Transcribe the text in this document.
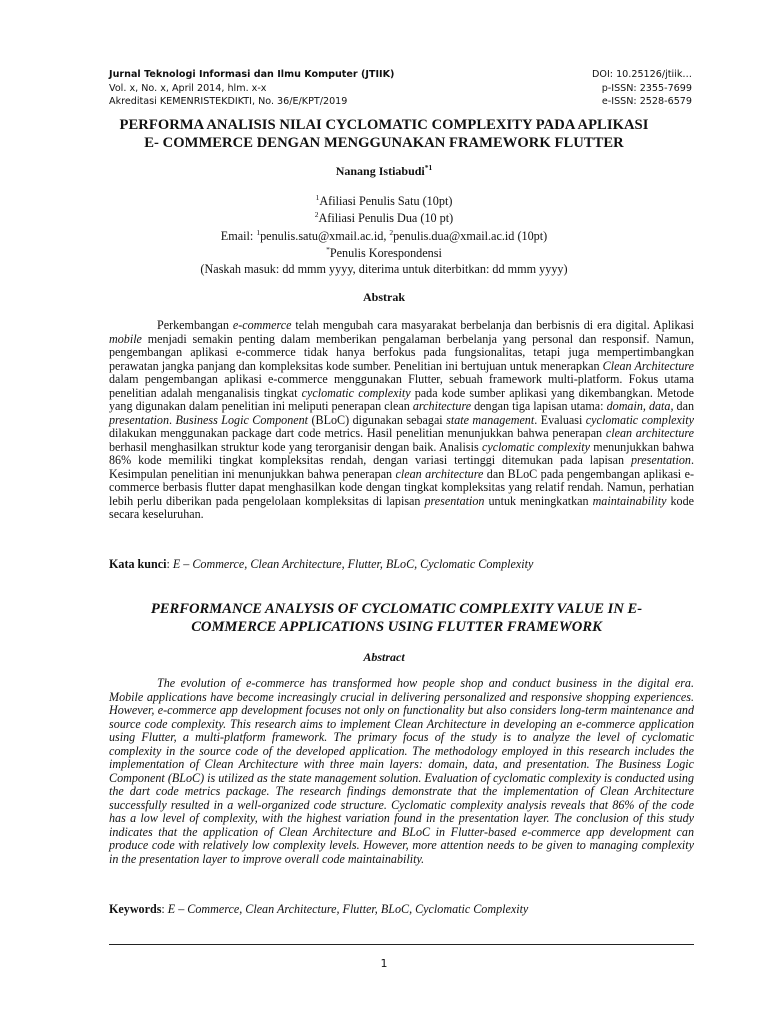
Jurnal Teknologi Informasi dan Ilmu Komputer (JTIIK)	DOI: 10.25126/jtiik…
Vol. x, No. x, April 2014, hlm. x-x	p-ISSN: 2355-7699
Akreditasi KEMENRISTEKDIKTI, No. 36/E/KPT/2019	e-ISSN: 2528-6579
PERFORMA ANALISIS NILAI CYCLOMATIC COMPLEXITY PADA APLIKASI
E- COMMERCE DENGAN MENGGUNAKAN FRAMEWORK FLUTTER
Nanang Istiabudi$^{*1}$
$^1$Afiliasi Penulis Satu (10pt)
$^2$Afiliasi Penulis Dua (10 pt)
Email: $^1$penulis.satu@xmail.ac.id, $^2$penulis.dua@xmail.ac.id (10pt)
*Penulis Korespondensi
(Naskah masuk: dd mmm yyyy, diterima untuk diterbitkan: dd mmm yyyy)
Abstrak
Perkembangan e-commerce telah mengubah cara masyarakat berbelanja dan berbisnis di era digital. Aplikasi mobile menjadi semakin penting dalam memberikan pengalaman berbelanja yang personal dan responsif. Namun, pengembangan aplikasi e-commerce tidak hanya berfokus pada fungsionalitas, tetapi juga mempertimbangkan perawatan jangka panjang dan kompleksitas kode sumber. Penelitian ini bertujuan untuk menerapkan Clean Architecture dalam pengembangan aplikasi e-commerce menggunakan Flutter, sebuah framework multi-platform. Fokus utama penelitian adalah menganalisis tingkat cyclomatic complexity pada kode sumber aplikasi yang dikembangkan. Metode yang digunakan dalam penelitian ini meliputi penerapan clean architecture dengan tiga lapisan utama: domain, data, dan presentation. Business Logic Component (BLoC) digunakan sebagai state management. Evaluasi cyclomatic complexity dilakukan menggunakan package dart code metrics. Hasil penelitian menunjukkan bahwa penerapan clean architecture berhasil menghasilkan struktur kode yang terorganisir dengan baik. Analisis cyclomatic complexity menunjukkan bahwa 86% kode memiliki tingkat kompleksitas rendah, dengan variasi tertinggi ditemukan pada lapisan presentation. Kesimpulan penelitian ini menunjukkan bahwa penerapan clean architecture dan BLoC pada pengembangan aplikasi e-commerce berbasis flutter dapat menghasilkan kode dengan tingkat kompleksitas yang relatif rendah. Namun, perhatian lebih perlu diberikan pada pengelolaan kompleksitas di lapisan presentation untuk meningkatkan maintainability kode secara keseluruhan.
Kata kunci: E – Commerce, Clean Architecture, Flutter, BLoC, Cyclomatic Complexity
PERFORMANCE ANALYSIS OF CYCLOMATIC COMPLEXITY VALUE IN E-
COMMERCE APPLICATIONS USING FLUTTER FRAMEWORK
Abstract
The evolution of e-commerce has transformed how people shop and conduct business in the digital era. Mobile applications have become increasingly crucial in delivering personalized and responsive shopping experiences. However, e-commerce app development focuses not only on functionality but also considers long-term maintenance and source code complexity. This research aims to implement Clean Architecture in developing an e-commerce application using Flutter, a multi-platform framework. The primary focus of the study is to analyze the level of cyclomatic complexity in the source code of the developed application. The methodology employed in this research includes the implementation of Clean Architecture with three main layers: domain, data, and presentation. The Business Logic Component (BLoC) is utilized as the state management solution. Evaluation of cyclomatic complexity is conducted using the dart code metrics package. The research findings demonstrate that the implementation of Clean Architecture successfully resulted in a well-organized code structure. Cyclomatic complexity analysis reveals that 86% of the code has a low level of complexity, with the highest variation found in the presentation layer. The conclusion of this study indicates that the application of Clean Architecture and BLoC in Flutter-based e-commerce app development can produce code with relatively low complexity levels. However, more attention needs to be given to managing complexity in the presentation layer to improve overall code maintainability.
Keywords: E – Commerce, Clean Architecture, Flutter, BLoC, Cyclomatic Complexity
1
